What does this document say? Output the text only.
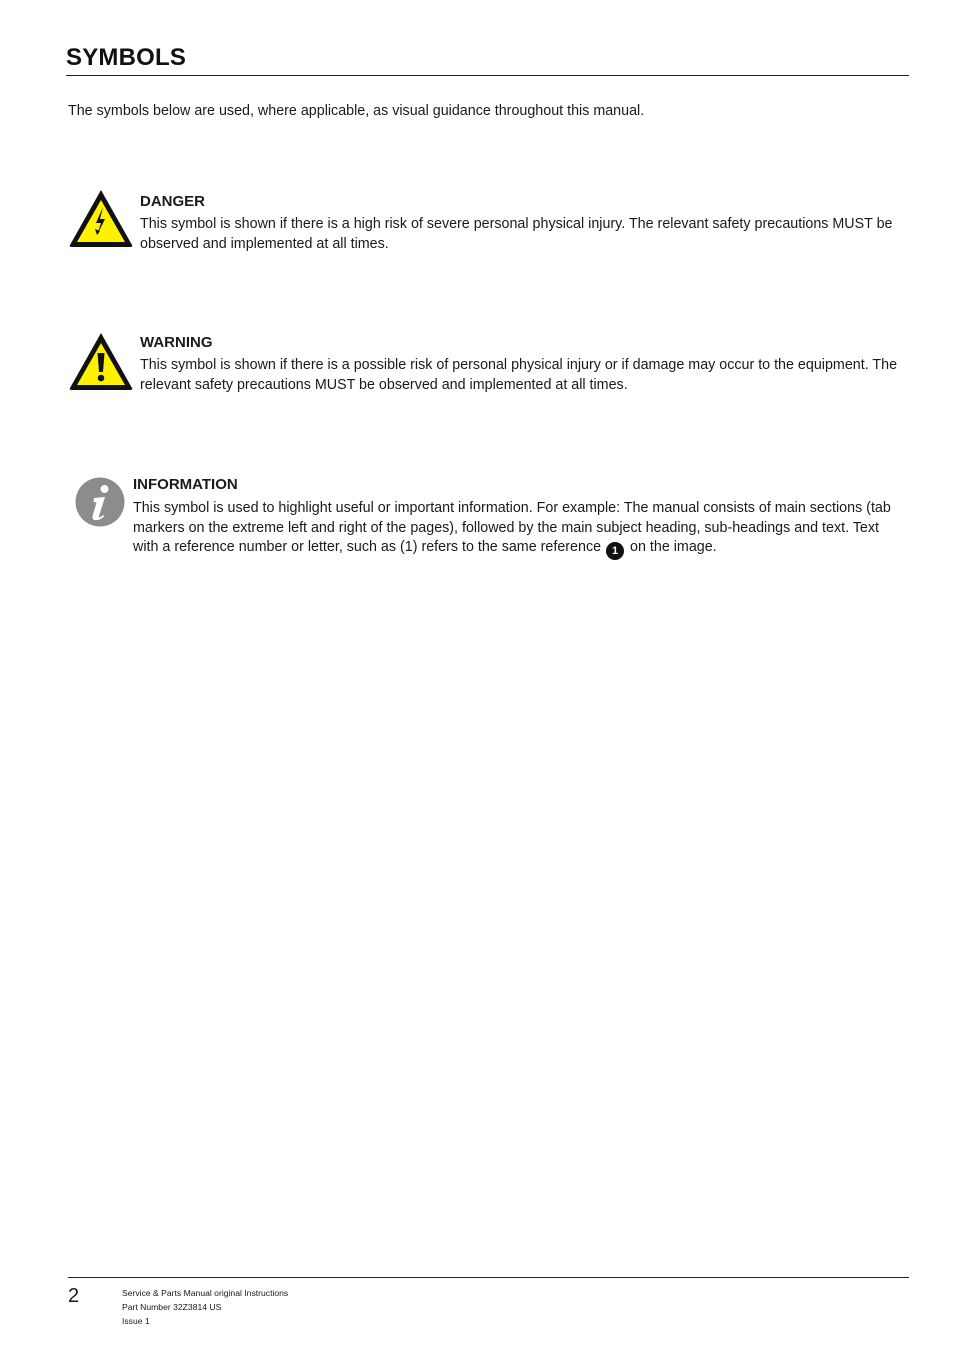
SYMBOLS

The symbols below are used, where applicable, as visual guidance throughout this manual.

DANGER

This symbol is shown if there is a high risk of severe personal physical injury. The relevant safety precautions MUST be observed and implemented at all times.

WARNING

This symbol is shown if there is a possible risk of personal physical injury or if damage may occur to the equipment. The relevant safety precautions MUST be observed and implemented at all times.

INFORMATION

This symbol is used to highlight useful or important information. For example: The manual consists of main sections (tab markers on the extreme left and right of the pages), followed by the main subject heading, sub-headings and text. Text with a reference number or letter, such as (1) refers to the same reference 1 on the image.

2	Service & Parts Manual original Instructions
Part Number 32Z3814 US
Issue 1
